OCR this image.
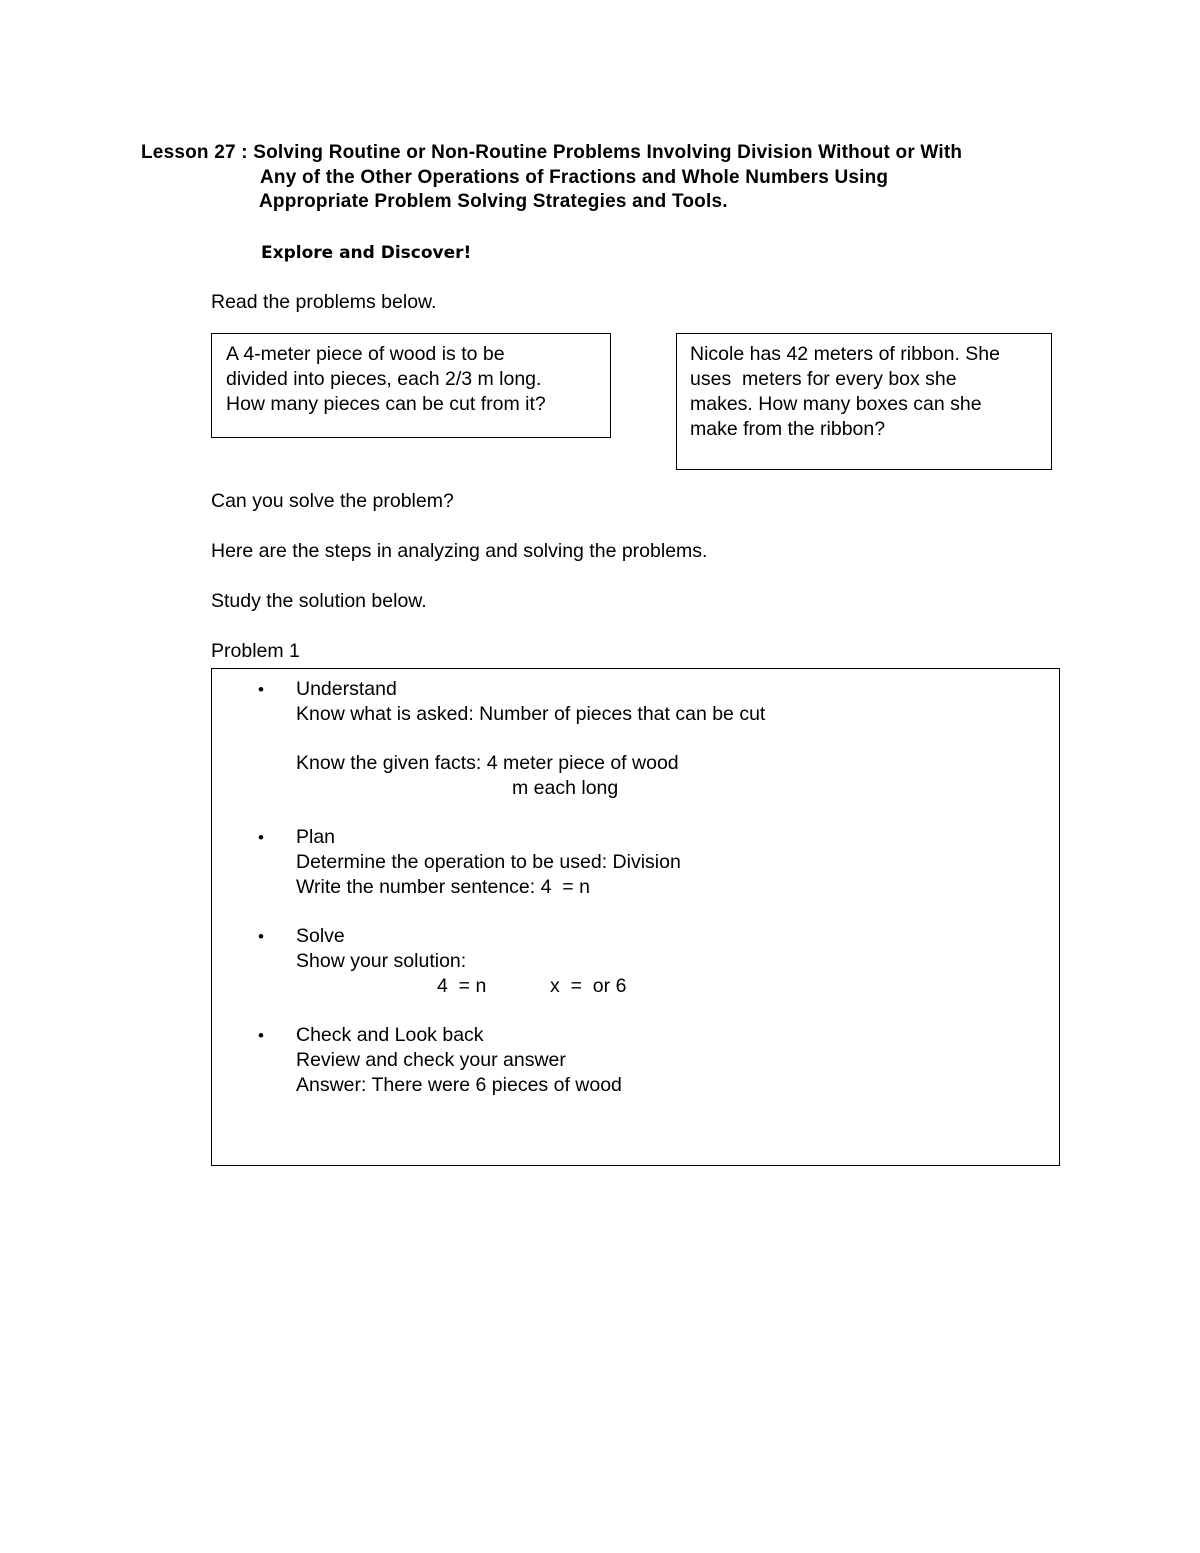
Lesson 27 : Solving Routine or Non-Routine Problems Involving Division Without or With
Any of the Other Operations of Fractions and Whole Numbers Using
Appropriate Problem Solving Strategies and Tools.
Explore and Discover!
Read the problems below.
A 4-meter piece of wood is to be
divided into pieces, each 2/3 m long.
How many pieces can be cut from it?
Nicole has 42 meters of ribbon. She
uses  meters for every box she
makes. How many boxes can she
make from the ribbon?
Can you solve the problem?
Here are the steps in analyzing and solving the problems.
Study the solution below.
Problem 1
• Understand
Know what is asked: Number of pieces that can be cut
Know the given facts: 4 meter piece of wood
m each long
• Plan
Determine the operation to be used: Division
Write the number sentence: 4  = n
• Solve
Show your solution:
4  = n	x  =  or 6
• Check and Look back
Review and check your answer
Answer: There were 6 pieces of wood
